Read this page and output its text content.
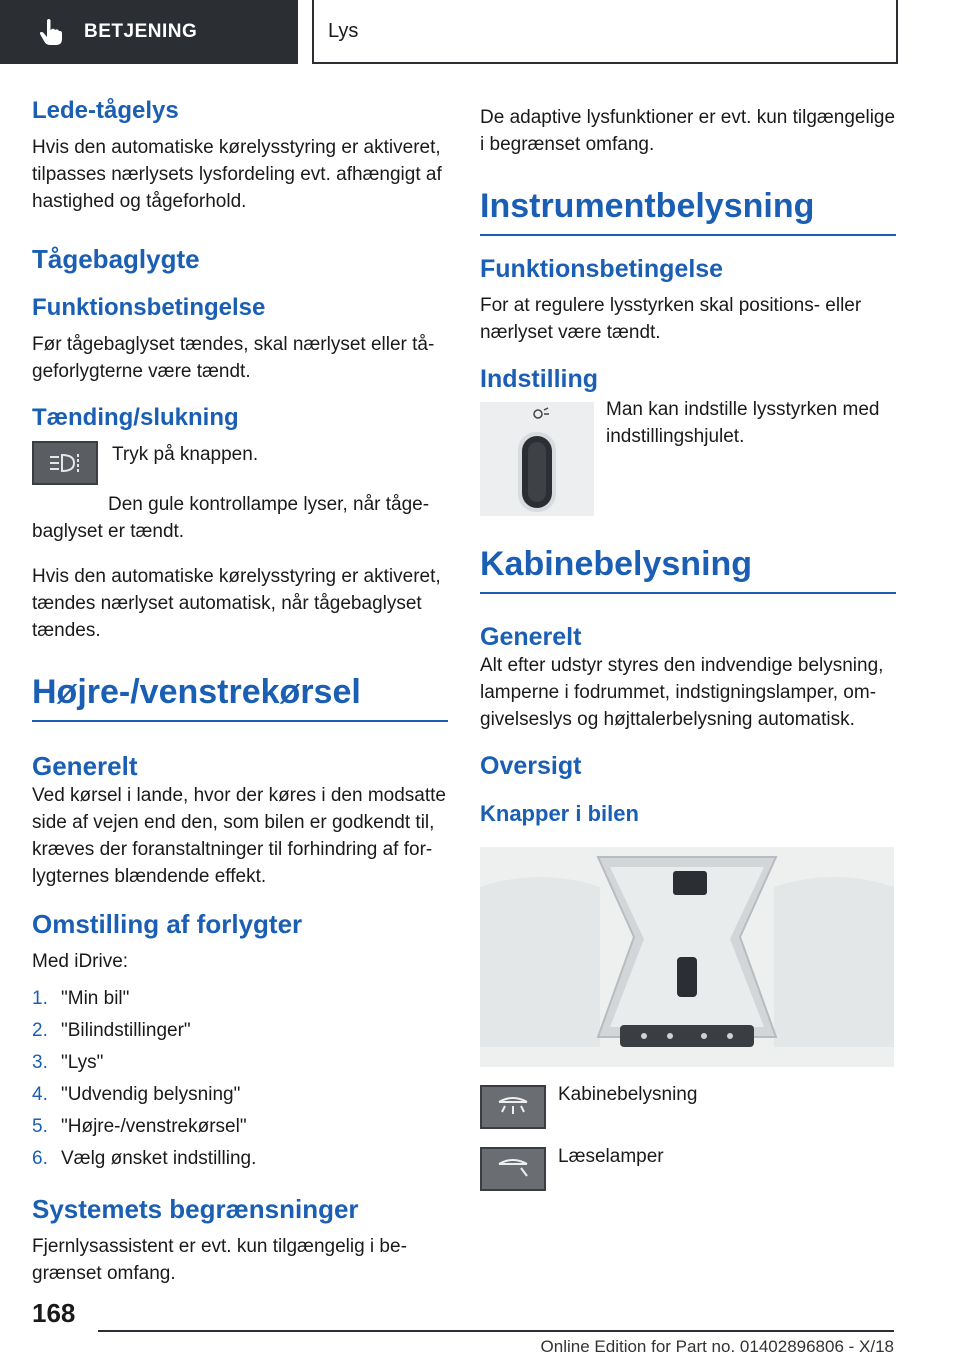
BETJENING	Lys
Lede-tågelys

Hvis den automatiske kørelysstyring er aktiveret, tilpasses nærlysets lysfordeling evt. afhængigt af hastighed og tågeforhold.

Tågebaglygte
Funktionsbetingelse

Før tågebaglyset tændes, skal nærlyset eller tågeforlygterne være tændt.

Tænding/slukning

Tryk på knappen.

Den gule kontrollampe lyser, når tåge‑

baglyset er tændt.

Hvis den automatiske kørelysstyring er aktiveret, tændes nærlyset automatisk, når tågebaglyset tændes.

Højre-/venstrekørsel
Generelt

Ved kørsel i lande, hvor der køres i den modsatte side af vejen end den, som bilen er godkendt til, kræves der foranstaltninger til forhindring af forlygternes blændende effekt.

Omstilling af forlygter

Med iDrive:

1. "Min bil"
2. "Bilindstillinger"
3. "Lys"
4. "Udvendig belysning"
5. "Højre-/venstrekørsel"
6. Vælg ønsket indstilling.
Systemets begrænsninger

Fjernlysassistent er evt. kun tilgængelig i begrænset omfang.

De adaptive lysfunktioner er evt. kun tilgængelige i begrænset omfang.

Instrumentbelysning
Funktionsbetingelse

For at regulere lysstyrken skal positions- eller nærlyset være tændt.

Indstilling

Man kan indstille lysstyrken med indstillingshjulet.

Kabinebelysning
Generelt

Alt efter udstyr styres den indvendige belysning, lamperne i fodrummet, indstigningslamper, omgivelseslys og højttalerbelysning automatisk.

Oversigt
Knapper i bilen

Kabinebelysning

Læselamper

168
Online Edition for Part no. 01402896806 - X/18
